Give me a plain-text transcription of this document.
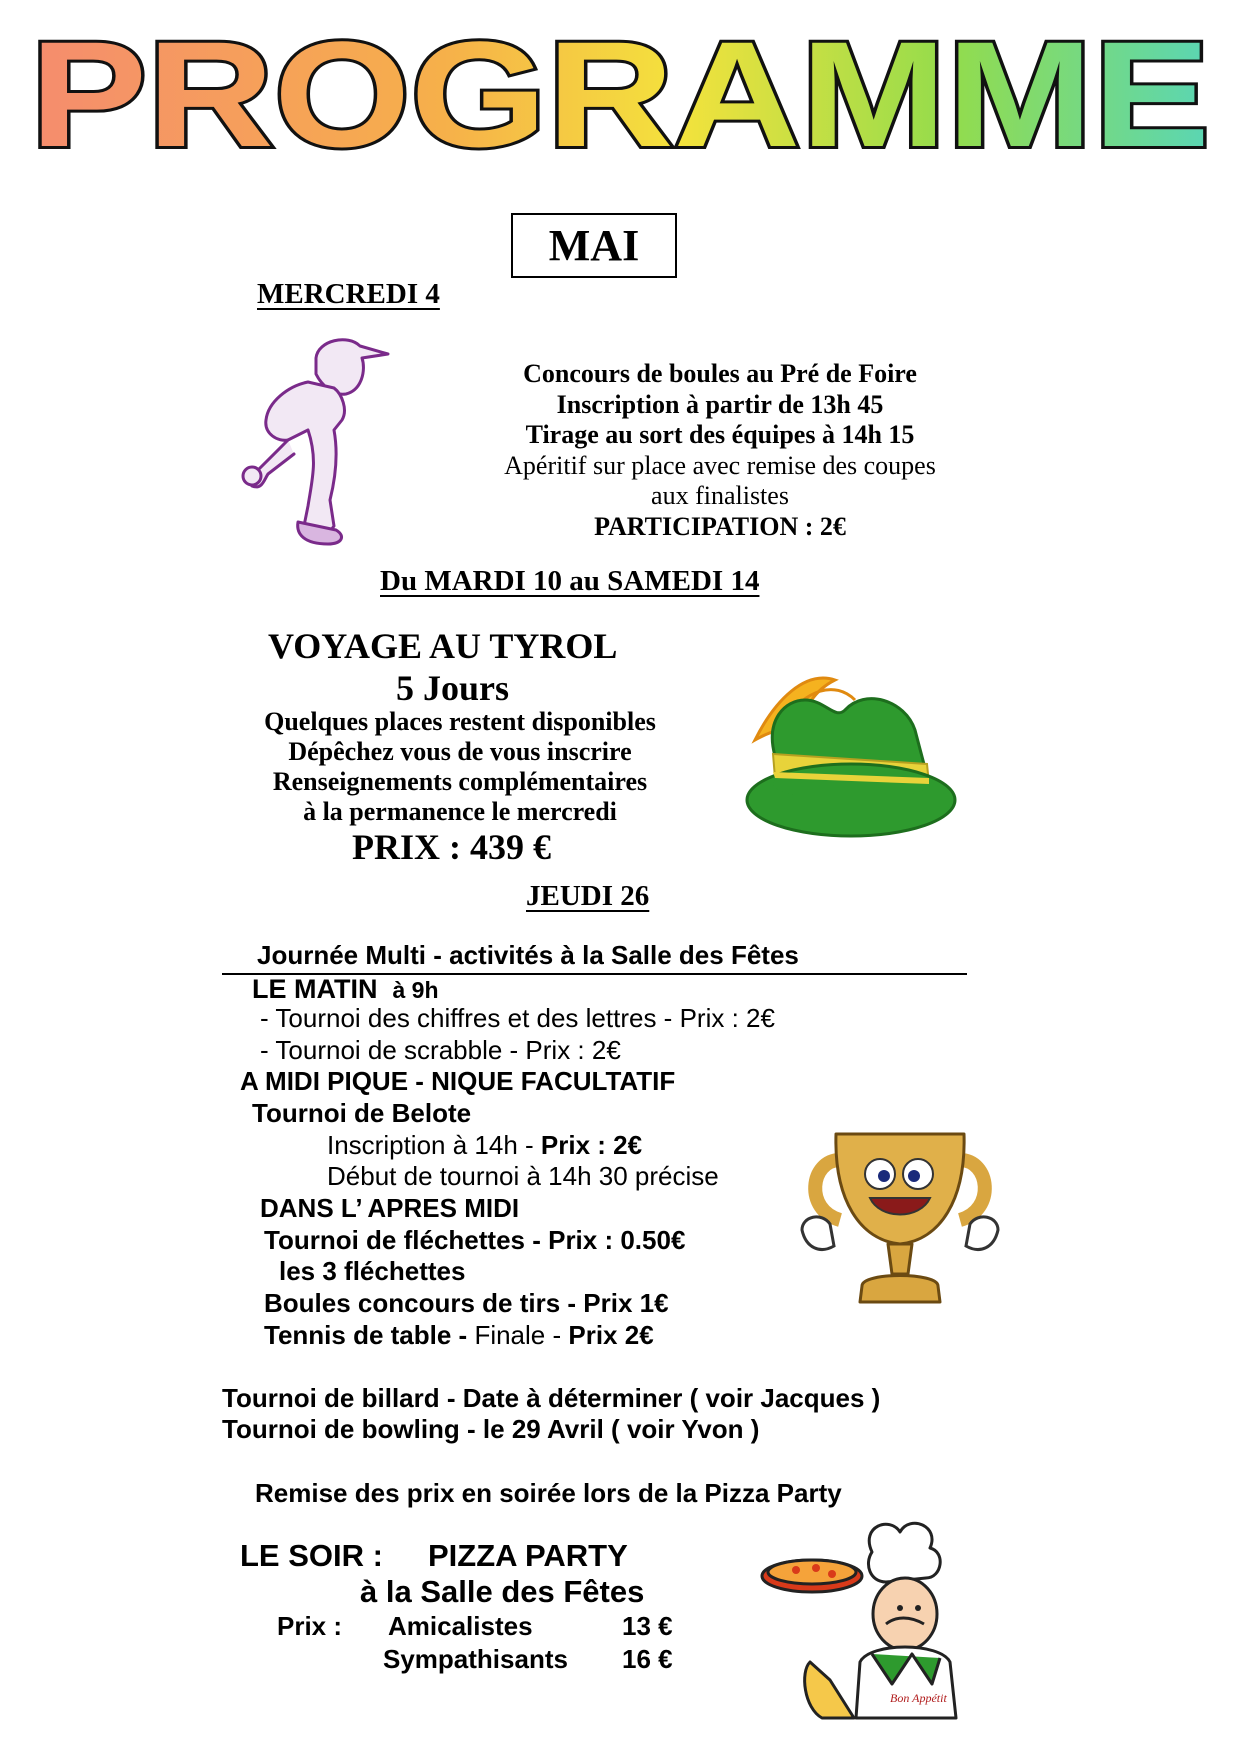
PROGRAMME
MAI
MERCREDI 4
Concours de boules au Pré de Foire
Inscription à partir de 13h 45
Tirage au sort des équipes à 14h 15
Apéritif sur place avec remise des coupes
aux finalistes
PARTICIPATION : 2€
Du MARDI 10 au SAMEDI 14
VOYAGE AU TYROL
5 Jours
Quelques places restent disponibles
Dépêchez vous de vous inscrire
Renseignements complémentaires
à la permanence le mercredi
PRIX : 439 €
JEUDI 26
Journée Multi - activités à la Salle des Fêtes
LE MATIN à 9h
- Tournoi des chiffres et des lettres - Prix : 2€
- Tournoi de scrabble - Prix : 2€
A MIDI PIQUE - NIQUE FACULTATIF
Tournoi de Belote
Inscription à 14h - Prix : 2€
Début de tournoi à 14h 30 précise
DANS L’ APRES MIDI
Tournoi de fléchettes - Prix : 0.50€
les 3 fléchettes
Boules concours de tirs - Prix 1€
Tennis de table - Finale - Prix 2€
Tournoi de billard - Date à déterminer ( voir Jacques )
Tournoi de bowling - le 29 Avril ( voir Yvon )
Remise des prix en soirée lors de la Pizza Party
LE SOIR : PIZZA PARTY
à la Salle des Fêtes
Prix : Amicalistes	13 €
Sympathisants 16 €
Bon Appétit
